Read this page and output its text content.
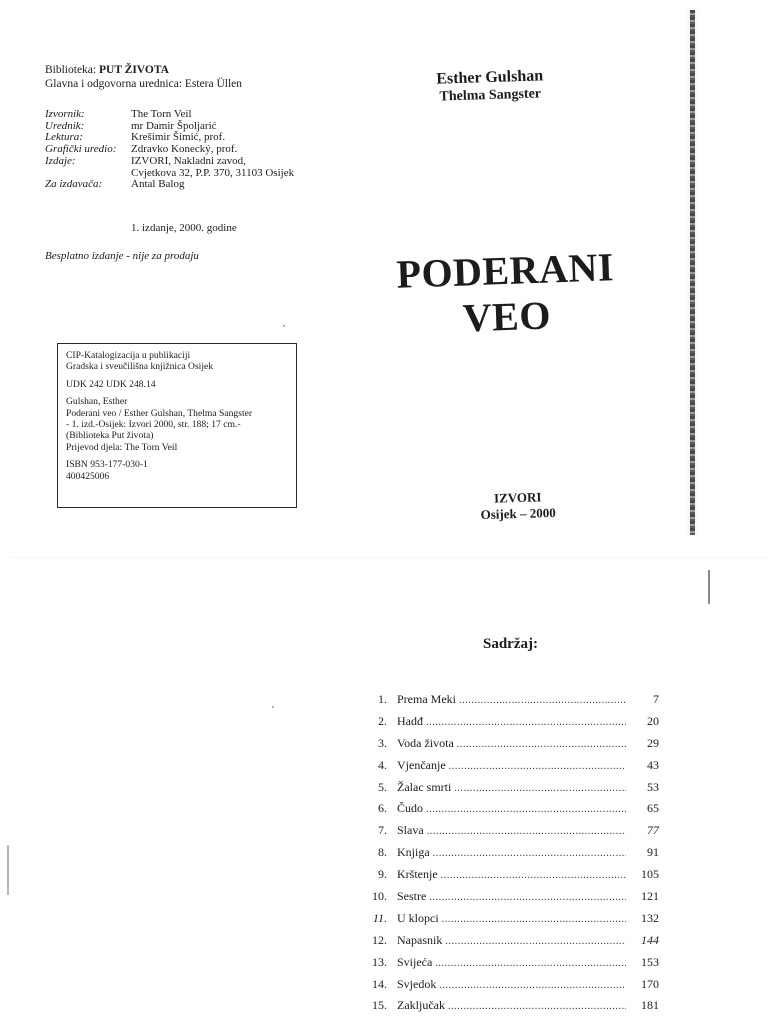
Biblioteka: PUT ŽIVOTA
Glavna i odgovorna urednica: Estera Üllen
Izvornik:	The Torn Veil
Urednik:	mr Damir Špoljarić
Lektura:	Krešimir Šimić, prof.
Grafički uredio:	Zdravko Konecký, prof.
Izdaje:	IZVORI, Nakladni zavod,
Cvjetkova 32, P.P. 370, 31103 Osijek
Za izdavača:	Antal Balog
1. izdanje, 2000. godine
Besplatno izdanje - nije za prodaju
CIP-Katalogizacija u publikaciji
Gradska i sveučilišna knjižnica Osijek
UDK 242 UDK 248.14
Gulshan, Esther
Poderani veo / Esther Gulshan, Thelma Sangster
- 1. izd.-Osijek: Izvori 2000, str. 188; 17 cm.-
(Biblioteka Put života)
Prijevod djela: The Torn Veil
ISBN 953-177-030-1
400425006
Esther Gulshan
Thelma Sangster
PODERANI
VEO
IZVORI
Osijek – 2000
Sadržaj:
1. Prema Meki .....	7
2. Hadđ .....	20
3. Voda života .....	29
4. Vjenčanje .....	43
5. Žalac smrti .....	53
6. Čudo .....	65
7. Slava .....	77
8. Knjiga .....	91
9. Krštenje .....	105
10. Sestre .....	121
11. U klopci .....	132
12. Napasnik .....	144
13. Svijeća .....	153
14. Svjedok .....	170
15. Zaključak .....	181
